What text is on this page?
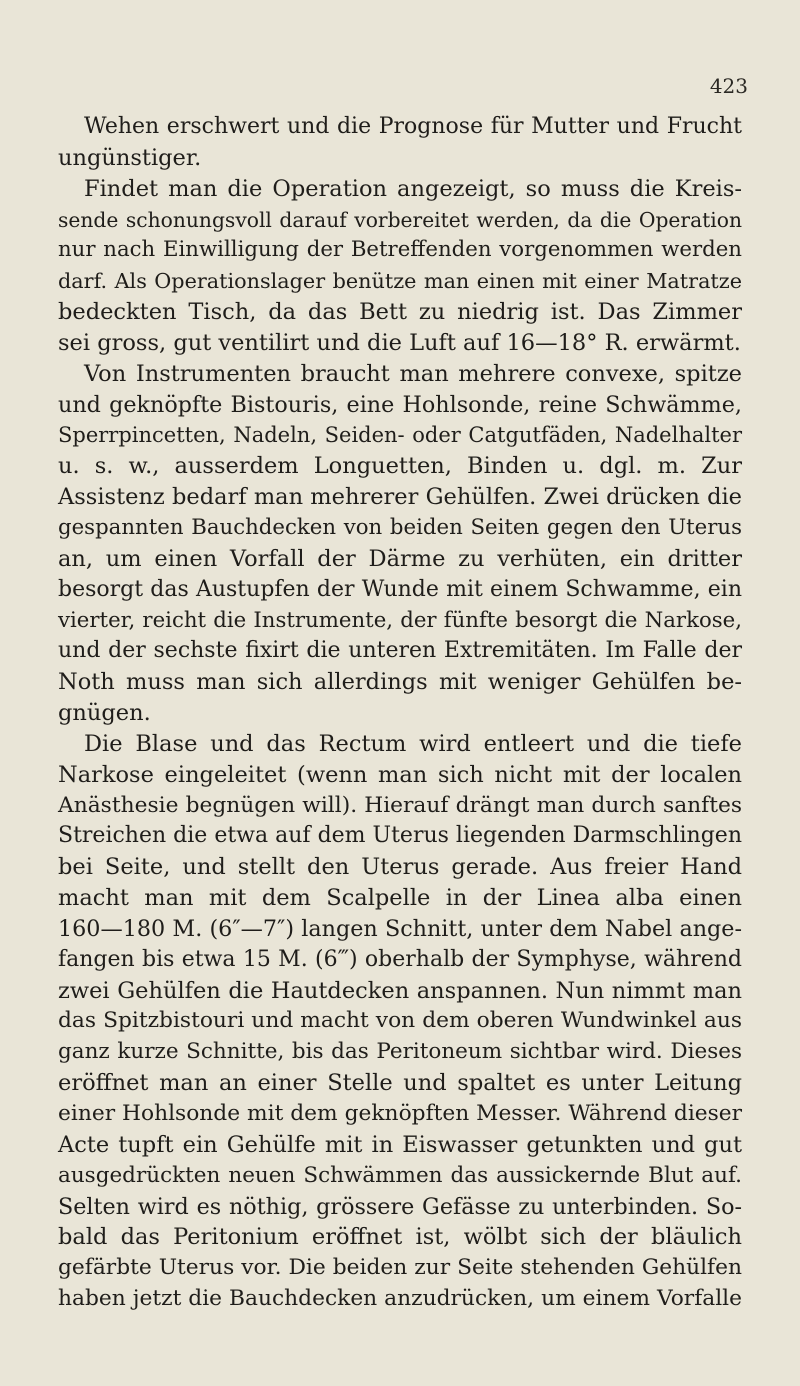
423
Wehen erschwert und die Prognose für Mutter und Frucht
ungünstiger.
Findet man die Operation angezeigt, so muss die Kreis-
sende schonungsvoll darauf vorbereitet werden, da die Operation
nur nach Einwilligung der Betreffenden vorgenommen werden
darf. Als Operationslager benütze man einen mit einer Matratze
bedeckten Tisch, da das Bett zu niedrig ist. Das Zimmer
sei gross, gut ventilirt und die Luft auf 16—18° R. erwärmt.
Von Instrumenten braucht man mehrere convexe, spitze
und geknöpfte Bistouris, eine Hohlsonde, reine Schwämme,
Sperrpincetten, Nadeln, Seiden- oder Catgutfäden, Nadelhalter
u. s. w., ausserdem Longuetten, Binden u. dgl. m. Zur
Assistenz bedarf man mehrerer Gehülfen. Zwei drücken die
gespannten Bauchdecken von beiden Seiten gegen den Uterus
an, um einen Vorfall der Därme zu verhüten, ein dritter
besorgt das Austupfen der Wunde mit einem Schwamme, ein
vierter, reicht die Instrumente, der fünfte besorgt die Narkose,
und der sechste fixirt die unteren Extremitäten. Im Falle der
Noth muss man sich allerdings mit weniger Gehülfen be-
gnügen.
Die Blase und das Rectum wird entleert und die tiefe
Narkose eingeleitet (wenn man sich nicht mit der localen
Anästhesie begnügen will). Hierauf drängt man durch sanftes
Streichen die etwa auf dem Uterus liegenden Darmschlingen
bei Seite, und stellt den Uterus gerade. Aus freier Hand
macht man mit dem Scalpelle in der Linea alba einen
160—180 M. (6″—7″) langen Schnitt, unter dem Nabel ange-
fangen bis etwa 15 M. (6‴) oberhalb der Symphyse, während
zwei Gehülfen die Hautdecken anspannen. Nun nimmt man
das Spitzbistouri und macht von dem oberen Wundwinkel aus
ganz kurze Schnitte, bis das Peritoneum sichtbar wird. Dieses
eröffnet man an einer Stelle und spaltet es unter Leitung
einer Hohlsonde mit dem geknöpften Messer. Während dieser
Acte tupft ein Gehülfe mit in Eiswasser getunkten und gut
ausgedrückten neuen Schwämmen das aussickernde Blut auf.
Selten wird es nöthig, grössere Gefässe zu unterbinden. So-
bald das Peritonium eröffnet ist, wölbt sich der bläulich
gefärbte Uterus vor. Die beiden zur Seite stehenden Gehülfen
haben jetzt die Bauchdecken anzudrücken, um einem Vorfalle
